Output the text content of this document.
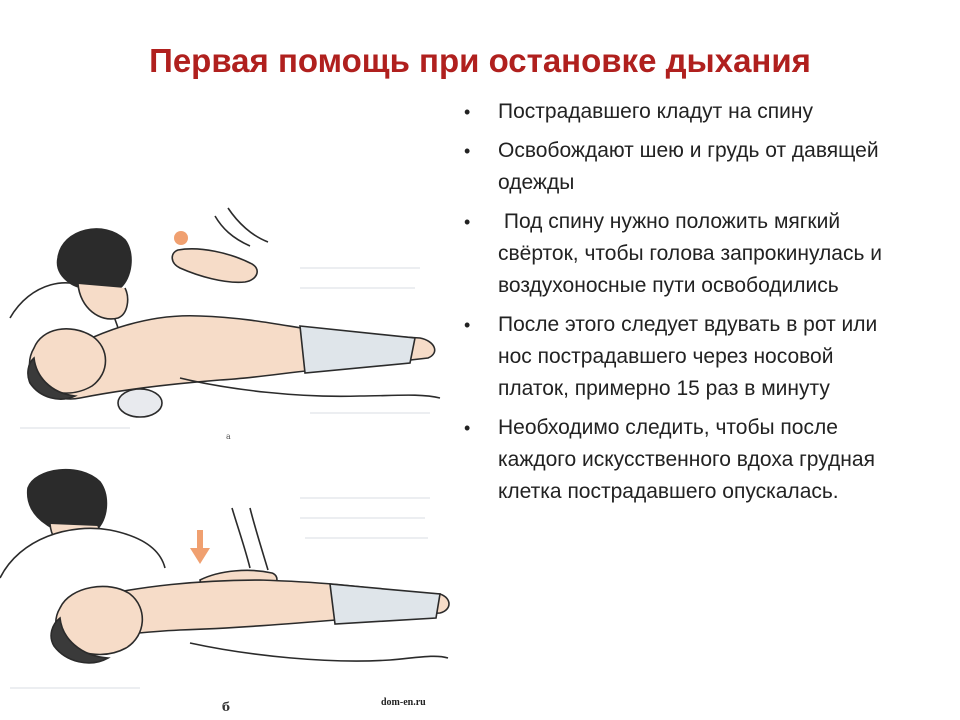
Первая помощь при остановке дыхания
а
б	dom-en.ru
• Пострадавшего кладут на спину
• Освобождают шею и грудь от давящей одежды
• Под спину нужно положить мягкий свёрток, чтобы голова запрокинулась и воздухоносные пути освободились
• После этого следует вдувать в рот или нос пострадавшего через носовой платок, примерно 15 раз в минуту
• Необходимо следить, чтобы после каждого искусственного вдоха грудная клетка пострадавшего опускалась.
